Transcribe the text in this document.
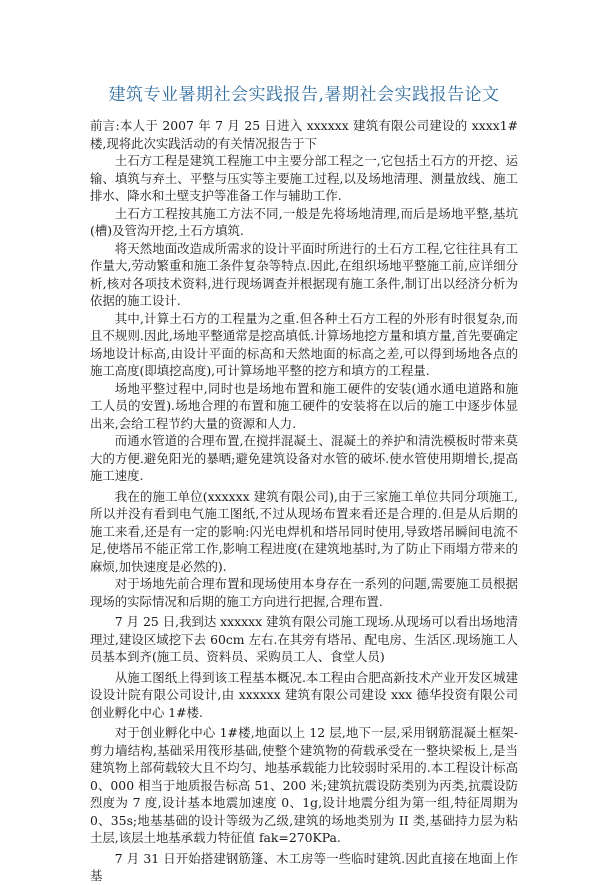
建筑专业暑期社会实践报告,暑期社会实践报告论文

前言:本人于 2007 年 7 月 25 日进入 xxxxxx 建筑有限公司建设的 xxxx1#楼,现将此次实践活动的有关情况报告于下

土石方工程是建筑工程施工中主要分部工程之一,它包括土石方的开挖、运输、填筑与弃土、平整与压实等主要施工过程,以及场地清理、测量放线、施工排水、降水和土壁支护等准备工作与辅助工作.

土石方工程按其施工方法不同,一般是先将场地清理,而后是场地平整,基坑(槽)及管沟开挖,土石方填筑.

将天然地面改造成所需求的设计平面时所进行的土石方工程,它往往具有工作量大,劳动繁重和施工条件复杂等特点.因此,在组织场地平整施工前,应详细分析,核对各项技术资料,进行现场调查并根据现有施工条件,制订出以经济分析为依据的施工设计.

其中,计算土石方的工程量为之重.但各种土石方工程的外形有时很复杂,而且不规则.因此,场地平整通常是挖高填低.计算场地挖方量和填方量,首先要确定场地设计标高,由设计平面的标高和天然地面的标高之差,可以得到场地各点的施工高度(即填挖高度),可计算场地平整的挖方和填方的工程量.

场地平整过程中,同时也是场地布置和施工硬件的安装(通水通电道路和施工人员的安置).场地合理的布置和施工硬件的安装将在以后的施工中逐步体显出来,会给工程节约大量的资源和人力.

而通水管道的合理布置,在搅拌混凝土、混凝土的养护和清洗模板时带来莫大的方便.避免阳光的暴晒;避免建筑设备对水管的破坏.使水管使用期增长,提高施工速度.

我在的施工单位(xxxxxx 建筑有限公司),由于三家施工单位共同分项施工,所以并没有看到电气施工图纸,不过从现场布置来看还是合理的.但是从后期的施工来看,还是有一定的影响:闪光电焊机和塔吊同时使用,导致塔吊瞬间电流不足,使塔吊不能正常工作,影响工程进度(在建筑地基时,为了防止下雨塌方带来的麻烦,加快速度是必然的).

对于场地先前合理布置和现场使用本身存在一系列的问题,需要施工员根据现场的实际情况和后期的施工方向进行把握,合理布置.

7 月 25 日,我到达 xxxxxx 建筑有限公司施工现场.从现场可以看出场地清理过,建设区域挖下去 60cm 左右.在其旁有塔吊、配电房、生活区.现场施工人员基本到齐(施工员、资料员、采购员工人、食堂人员)

从施工图纸上得到该工程基本概况.本工程由合肥高新技术产业开发区城建设设计院有限公司设计,由 xxxxxx 建筑有限公司建设 xxx 德华投资有限公司创业孵化中心 1#楼.

对于创业孵化中心 1#楼,地面以上 12 层,地下一层,采用钢筋混凝土框架-剪力墙结构,基础采用筏形基础,使整个建筑物的荷载承受在一整块梁板上,是当建筑物上部荷载较大且不均匀、地基承载能力比较弱时采用的.本工程设计标高 0、000 相当于地质报告标高 51、200 米;建筑抗震设防类别为丙类,抗震设防烈度为 7 度,设计基本地震加速度 0、1g,设计地震分组为第一组,特征周期为 0、35s;地基基础的设计等级为乙级,建筑的场地类别为 II 类,基础持力层为粘土层,该层土地基承载力特征值 fak=270KPa.

7 月 31 日开始搭建钢筋篷、木工房等一些临时建筑.因此直接在地面上作基
